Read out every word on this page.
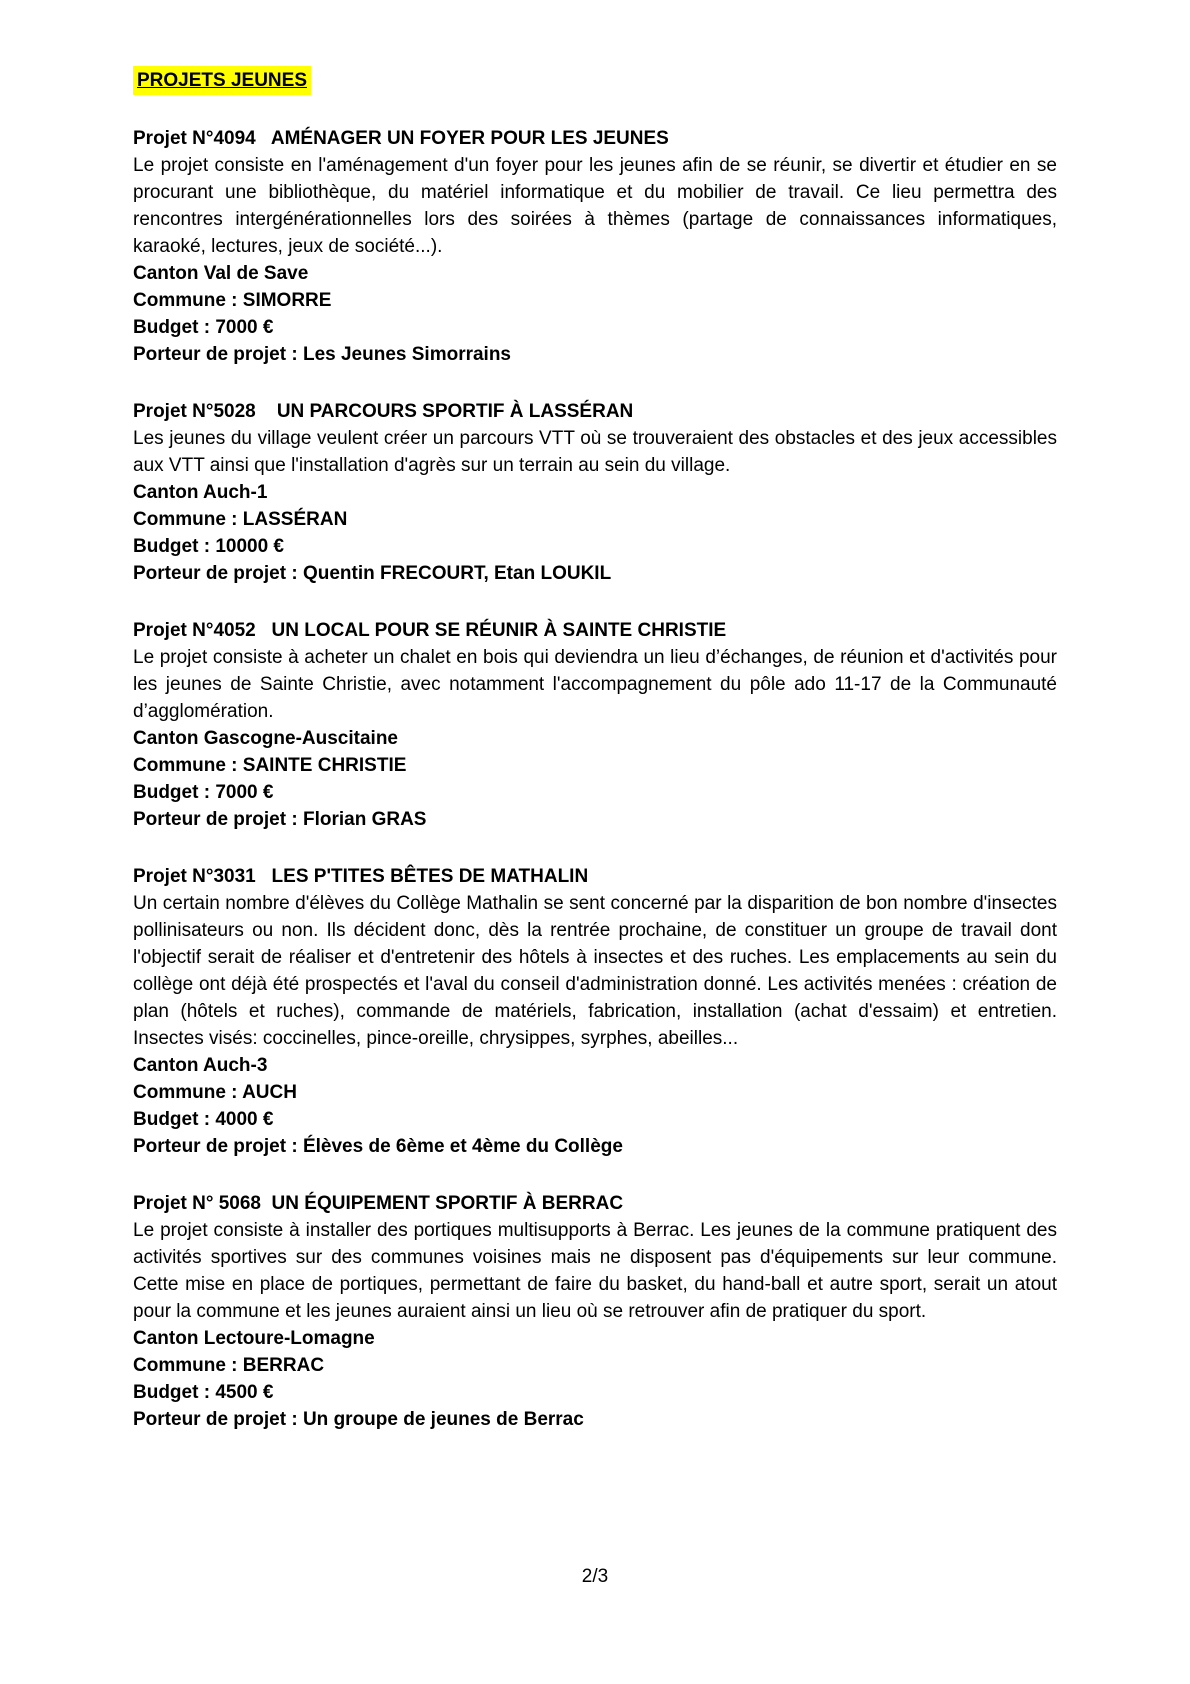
PROJETS JEUNES
Projet N°4094   AMÉNAGER UN FOYER POUR LES JEUNES

Le projet consiste en l'aménagement d'un foyer pour les jeunes afin de se réunir, se divertir et étudier en se procurant une bibliothèque, du matériel informatique et du mobilier de travail. Ce lieu permettra des rencontres intergénérationnelles lors des soirées à thèmes (partage de connaissances informatiques, karaoké, lectures, jeux de société...).

Canton Val de Save

Commune : SIMORRE

Budget : 7000 €

Porteur de projet : Les Jeunes Simorrains

Projet N°5028    UN PARCOURS SPORTIF À LASSÉRAN

Les jeunes du village veulent créer un parcours VTT où se trouveraient des obstacles et des jeux accessibles aux VTT ainsi que l'installation d'agrès sur un terrain au sein du village.

Canton Auch-1

Commune : LASSÉRAN

Budget : 10000 €

Porteur de projet : Quentin FRECOURT, Etan LOUKIL

Projet N°4052   UN LOCAL POUR SE RÉUNIR À SAINTE CHRISTIE

Le projet consiste à acheter un chalet en bois qui deviendra un lieu d’échanges, de réunion et d'activités pour les jeunes de Sainte Christie, avec notamment l'accompagnement du pôle ado 11-17 de la Communauté d’agglomération.

Canton Gascogne-Auscitaine

Commune : SAINTE CHRISTIE

Budget : 7000 €

Porteur de projet : Florian GRAS

Projet N°3031   LES P'TITES BÊTES DE MATHALIN

Un certain nombre d'élèves du Collège Mathalin se sent concerné par la disparition de bon nombre d'insectes pollinisateurs ou non. Ils décident donc, dès la rentrée prochaine, de constituer un groupe de travail dont l'objectif serait de réaliser et d'entretenir des hôtels à insectes et des ruches. Les emplacements au sein du collège ont déjà été prospectés et l'aval du conseil d'administration donné. Les activités menées : création de plan (hôtels et ruches), commande de matériels, fabrication, installation (achat d'essaim) et entretien. Insectes visés: coccinelles, pince-oreille, chrysippes, syrphes, abeilles...

Canton Auch-3

Commune : AUCH

Budget : 4000 €

Porteur de projet : Élèves de 6ème et 4ème du Collège

Projet N° 5068  UN ÉQUIPEMENT SPORTIF À BERRAC

Le projet consiste à installer des portiques multisupports à Berrac. Les jeunes de la commune pratiquent des activités sportives sur des communes voisines mais ne disposent pas d'équipements sur leur commune. Cette mise en place de portiques, permettant de faire du basket, du hand-ball et autre sport, serait un atout pour la commune et les jeunes auraient ainsi un lieu où se retrouver afin de pratiquer du sport.

Canton Lectoure-Lomagne

Commune : BERRAC

Budget : 4500 €

Porteur de projet : Un groupe de jeunes de Berrac

2/3
